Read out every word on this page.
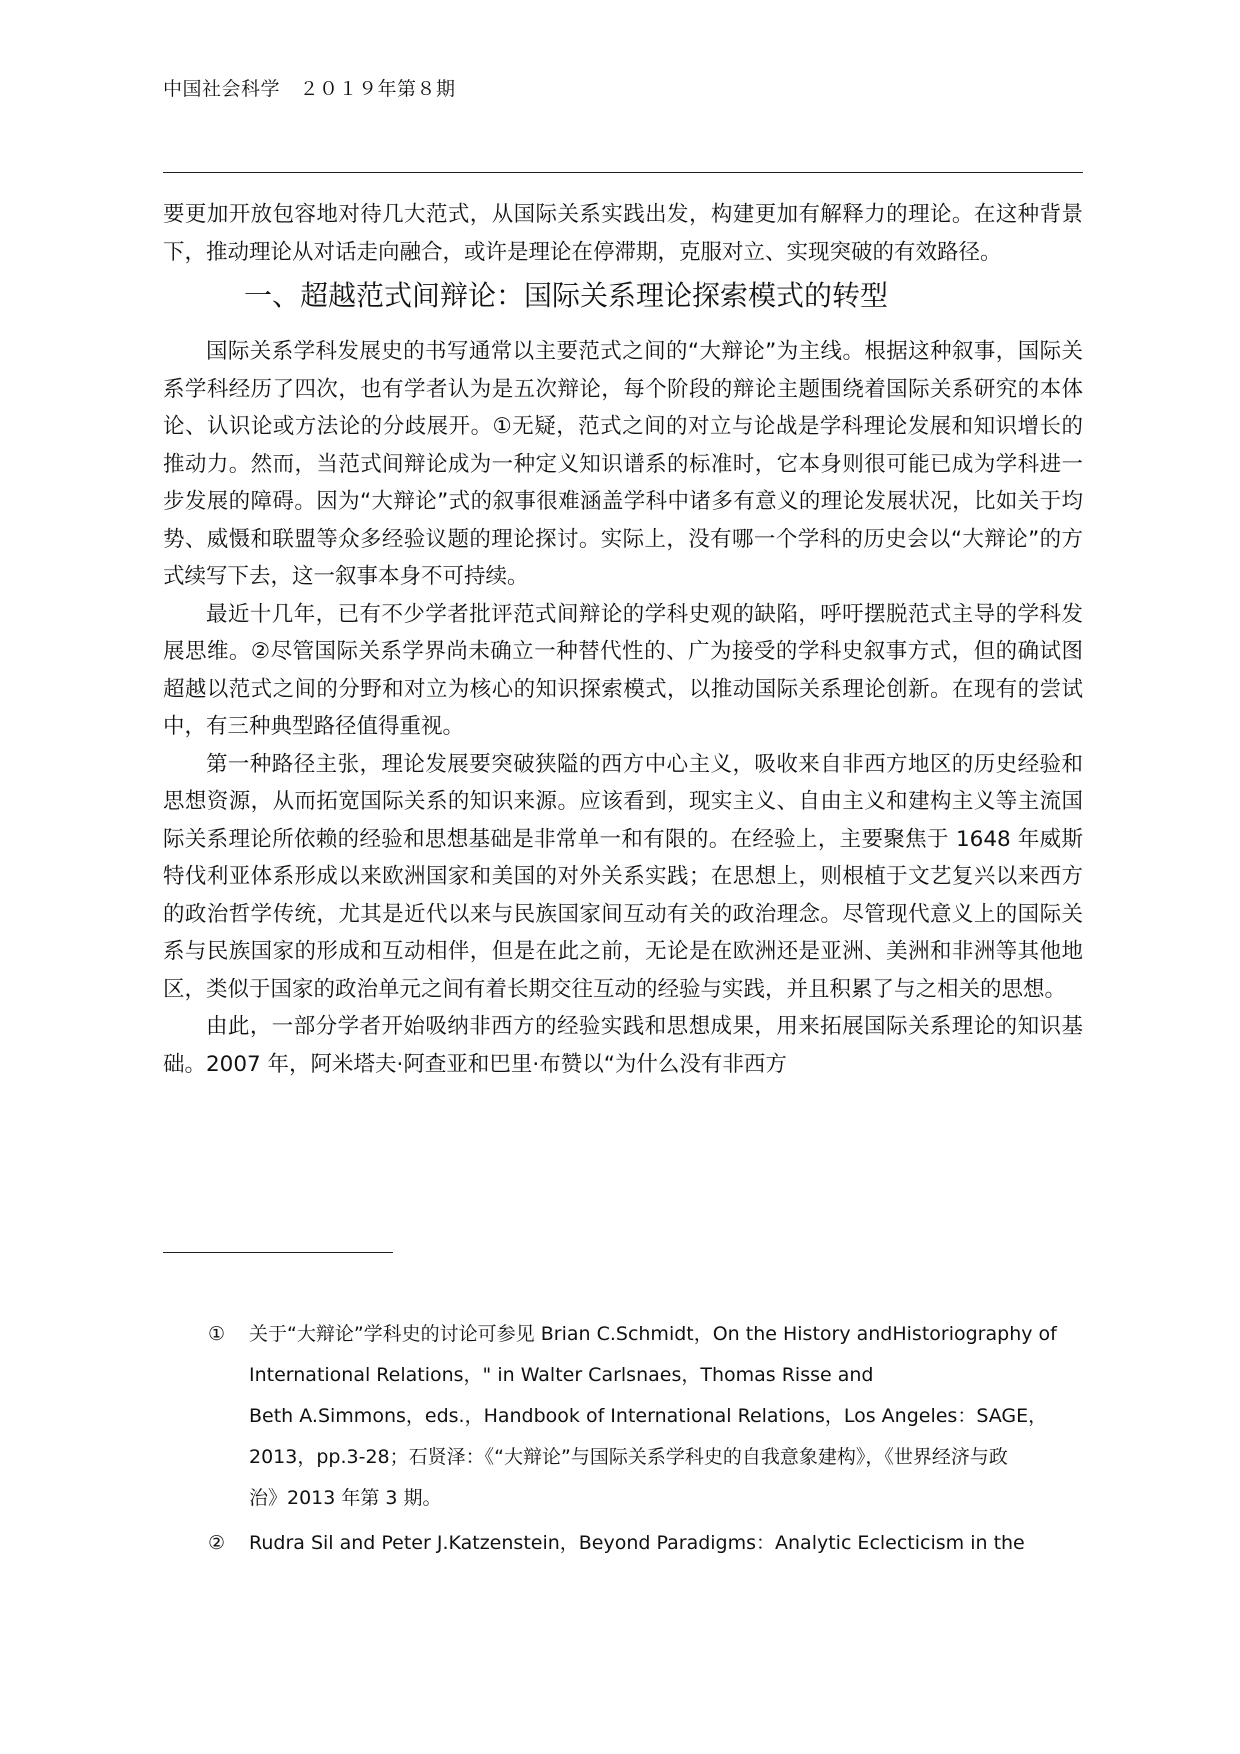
中国社会科学　２０１９年第８期

要更加开放包容地对待几大范式，从国际关系实践出发，构建更加有解释力的理论。在这种背景下，推动理论从对话走向融合，或许是理论在停滞期，克服对立、实现突破的有效路径。

一、超越范式间辩论：国际关系理论探索模式的转型

国际关系学科发展史的书写通常以主要范式之间的“大辩论”为主线。根据这种叙事，国际关系学科经历了四次，也有学者认为是五次辩论，每个阶段的辩论主题围绕着国际关系研究的本体论、认识论或方法论的分歧展开。①无疑，范式之间的对立与论战是学科理论发展和知识增长的推动力。然而，当范式间辩论成为一种定义知识谱系的标准时，它本身则很可能已成为学科进一步发展的障碍。因为“大辩论”式的叙事很难涵盖学科中诸多有意义的理论发展状况，比如关于均势、威慑和联盟等众多经验议题的理论探讨。实际上，没有哪一个学科的历史会以“大辩论”的方式续写下去，这一叙事本身不可持续。

最近十几年，已有不少学者批评范式间辩论的学科史观的缺陷，呼吁摆脱范式主导的学科发展思维。②尽管国际关系学界尚未确立一种替代性的、广为接受的学科史叙事方式，但的确试图超越以范式之间的分野和对立为核心的知识探索模式，以推动国际关系理论创新。在现有的尝试中，有三种典型路径值得重视。

第一种路径主张，理论发展要突破狭隘的西方中心主义，吸收来自非西方地区的历史经验和思想资源，从而拓宽国际关系的知识来源。应该看到，现实主义、自由主义和建构主义等主流国际关系理论所依赖的经验和思想基础是非常单一和有限的。在经验上，主要聚焦于 1648 年威斯特伐利亚体系形成以来欧洲国家和美国的对外关系实践；在思想上，则根植于文艺复兴以来西方的政治哲学传统，尤其是近代以来与民族国家间互动有关的政治理念。尽管现代意义上的国际关系与民族国家的形成和互动相伴，但是在此之前，无论是在欧洲还是亚洲、美洲和非洲等其他地区，类似于国家的政治单元之间有着长期交往互动的经验与实践，并且积累了与之相关的思想。

由此，一部分学者开始吸纳非西方的经验实践和思想成果，用来拓展国际关系理论的知识基础。2007 年，阿米塔夫·阿查亚和巴里·布赞以“为什么没有非西方

① 关于“大辩论”学科史的讨论可参见 Brian C.Schmidt，On the History andHistoriography of
International Relations，" in Walter Carlsnaes，Thomas Risse and
Beth A.Simmons，eds.，Handbook of International Relations，Los Angeles：SAGE，
2013，pp.3-28；石贤泽：《“大辩论”与国际关系学科史的自我意象建构》，《世界经济与政
治》2013 年第 3 期。
② Rudra Sil and Peter J.Katzenstein，Beyond Paradigms：Analytic Eclecticism in the
